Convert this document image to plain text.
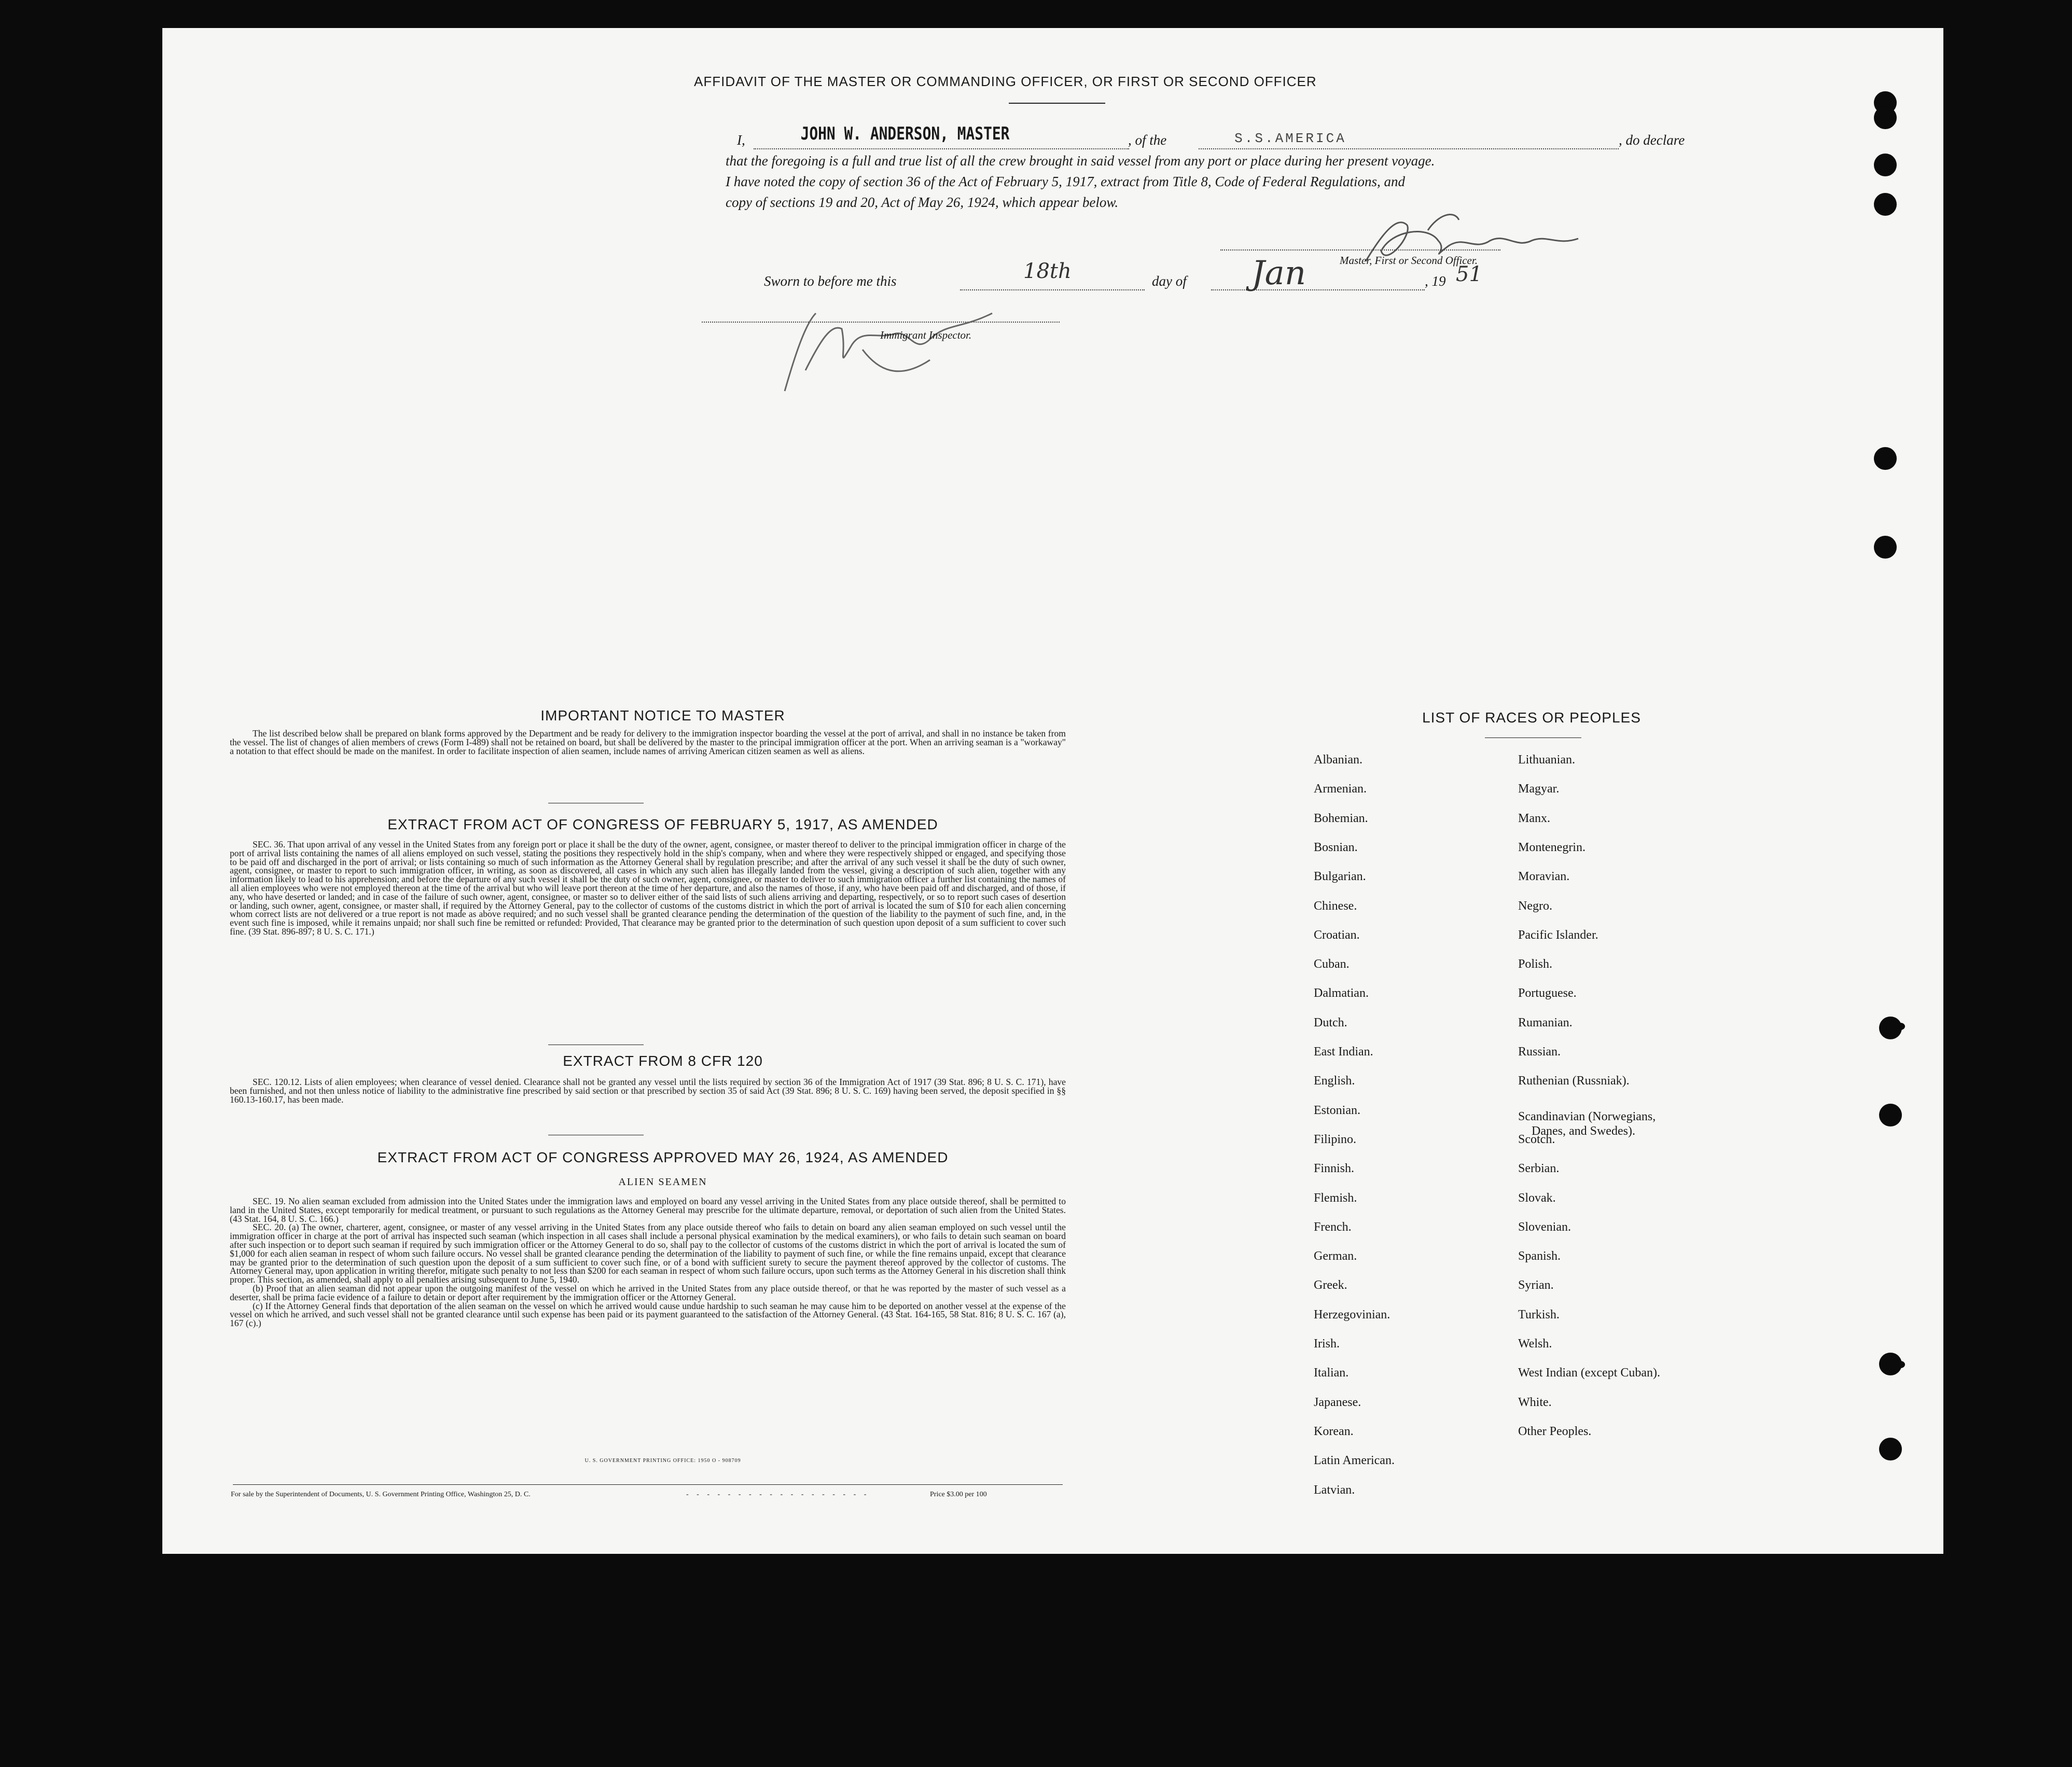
AFFIDAVIT OF THE MASTER OR COMMANDING OFFICER, OR FIRST OR SECOND OFFICER
I,	JOHN W. ANDERSON, MASTER	, of the	S.S.AMERICA	, do declare
that the foregoing is a full and true list of all the crew brought in said vessel from any port or place during her present voyage.
I have noted the copy of section 36 of the Act of February 5, 1917, extract from Title 8, Code of Federal Regulations, and
copy of sections 19 and 20, Act of May 26, 1924, which appear below.
Master, First or Second Officer.
Sworn to before me this	18th	day of Jan	, 19 51
Immigrant Inspector.
IMPORTANT NOTICE TO MASTER

The list described below shall be prepared on blank forms approved by the Department and be ready for delivery to the immigration inspector boarding the vessel at the port of arrival, and shall in no instance be taken from the vessel. The list of changes of alien members of crews (Form I-489) shall not be retained on board, but shall be delivered by the master to the principal immigration officer at the port. When an arriving seaman is a "workaway" a notation to that effect should be made on the manifest. In order to facilitate inspection of alien seamen, include names of arriving American citizen seamen as well as aliens.

EXTRACT FROM ACT OF CONGRESS OF FEBRUARY 5, 1917, AS AMENDED

SEC. 36. That upon arrival of any vessel in the United States from any foreign port or place it shall be the duty of the owner, agent, consignee, or master thereof to deliver to the principal immigration officer in charge of the port of arrival lists containing the names of all aliens employed on such vessel, stating the positions they respectively hold in the ship's company, when and where they were respectively shipped or engaged, and specifying those to be paid off and discharged in the port of arrival; or lists containing so much of such information as the Attorney General shall by regulation prescribe; and after the arrival of any such vessel it shall be the duty of such owner, agent, consignee, or master to report to such immigration officer, in writing, as soon as discovered, all cases in which any such alien has illegally landed from the vessel, giving a description of such alien, together with any information likely to lead to his apprehension; and before the departure of any such vessel it shall be the duty of such owner, agent, consignee, or master to deliver to such immigration officer a further list containing the names of all alien employees who were not employed thereon at the time of the arrival but who will leave port thereon at the time of her departure, and also the names of those, if any, who have been paid off and discharged, and of those, if any, who have deserted or landed; and in case of the failure of such owner, agent, consignee, or master so to deliver either of the said lists of such aliens arriving and departing, respectively, or so to report such cases of desertion or landing, such owner, agent, consignee, or master shall, if required by the Attorney General, pay to the collector of customs of the customs district in which the port of arrival is located the sum of $10 for each alien concerning whom correct lists are not delivered or a true report is not made as above required; and no such vessel shall be granted clearance pending the determination of the question of the liability to the payment of such fine, and, in the event such fine is imposed, while it remains unpaid; nor shall such fine be remitted or refunded: Provided, That clearance may be granted prior to the determination of such question upon deposit of a sum sufficient to cover such fine. (39 Stat. 896-897; 8 U. S. C. 171.)

EXTRACT FROM 8 CFR 120

SEC. 120.12. Lists of alien employees; when clearance of vessel denied. Clearance shall not be granted any vessel until the lists required by section 36 of the Immigration Act of 1917 (39 Stat. 896; 8 U. S. C. 171), have been furnished, and not then unless notice of liability to the administrative fine prescribed by said section or that prescribed by section 35 of said Act (39 Stat. 896; 8 U. S. C. 169) having been served, the deposit specified in §§ 160.13-160.17, has been made.

EXTRACT FROM ACT OF CONGRESS APPROVED MAY 26, 1924, AS AMENDED
ALIEN SEAMEN

SEC. 19. No alien seaman excluded from admission into the United States under the immigration laws and employed on board any vessel arriving in the United States from any place outside thereof, shall be permitted to land in the United States, except temporarily for medical treatment, or pursuant to such regulations as the Attorney General may prescribe for the ultimate departure, removal, or deportation of such alien from the United States. (43 Stat. 164, 8 U. S. C. 166.)

SEC. 20. (a) The owner, charterer, agent, consignee, or master of any vessel arriving in the United States from any place outside thereof who fails to detain on board any alien seaman employed on such vessel until the immigration officer in charge at the port of arrival has inspected such seaman (which inspection in all cases shall include a personal physical examination by the medical examiners), or who fails to detain such seaman on board after such inspection or to deport such seaman if required by such immigration officer or the Attorney General to do so, shall pay to the collector of customs of the customs district in which the port of arrival is located the sum of $1,000 for each alien seaman in respect of whom such failure occurs. No vessel shall be granted clearance pending the determination of the liability to payment of such fine, or while the fine remains unpaid, except that clearance may be granted prior to the determination of such question upon the deposit of a sum sufficient to cover such fine, or of a bond with sufficient surety to secure the payment thereof approved by the collector of customs. The Attorney General may, upon application in writing therefor, mitigate such penalty to not less than $200 for each seaman in respect of whom such failure occurs, upon such terms as the Attorney General in his discretion shall think proper. This section, as amended, shall apply to all penalties arising subsequent to June 5, 1940.

(b) Proof that an alien seaman did not appear upon the outgoing manifest of the vessel on which he arrived in the United States from any place outside thereof, or that he was reported by the master of such vessel as a deserter, shall be prima facie evidence of a failure to detain or deport after requirement by the immigration officer or the Attorney General.

(c) If the Attorney General finds that deportation of the alien seaman on the vessel on which he arrived would cause undue hardship to such seaman he may cause him to be deported on another vessel at the expense of the vessel on which he arrived, and such vessel shall not be granted clearance until such expense has been paid or its payment guaranteed to the satisfaction of the Attorney General. (43 Stat. 164-165, 58 Stat. 816; 8 U. S. C. 167 (a), 167 (c).)

U. S. GOVERNMENT PRINTING OFFICE: 1950 O - 908709
For sale by the Superintendent of Documents, U. S. Government Printing Office, Washington 25, D. C.	- - - - - - - - - - - - - - - - - -	Price $3.00 per 100
LIST OF RACES OR PEOPLES
Albanian.
Armenian.
Bohemian.
Bosnian.
Bulgarian.
Chinese.
Croatian.
Cuban.
Dalmatian.
Dutch.
East Indian.
English.
Estonian.
Filipino.
Finnish.
Flemish.
French.
German.
Greek.
Herzegovinian.
Irish.
Italian.
Japanese.
Korean.
Latin American.
Latvian.
Lithuanian.
Magyar.
Manx.
Montenegrin.
Moravian.
Negro.
Pacific Islander.
Polish.
Portuguese.
Rumanian.
Russian.
Ruthenian (Russniak).
Scandinavian (Norwegians,
Danes, and Swedes).
Scotch.
Serbian.
Slovak.
Slovenian.
Spanish.
Syrian.
Turkish.
Welsh.
West Indian (except Cuban).
White.
Other Peoples.
